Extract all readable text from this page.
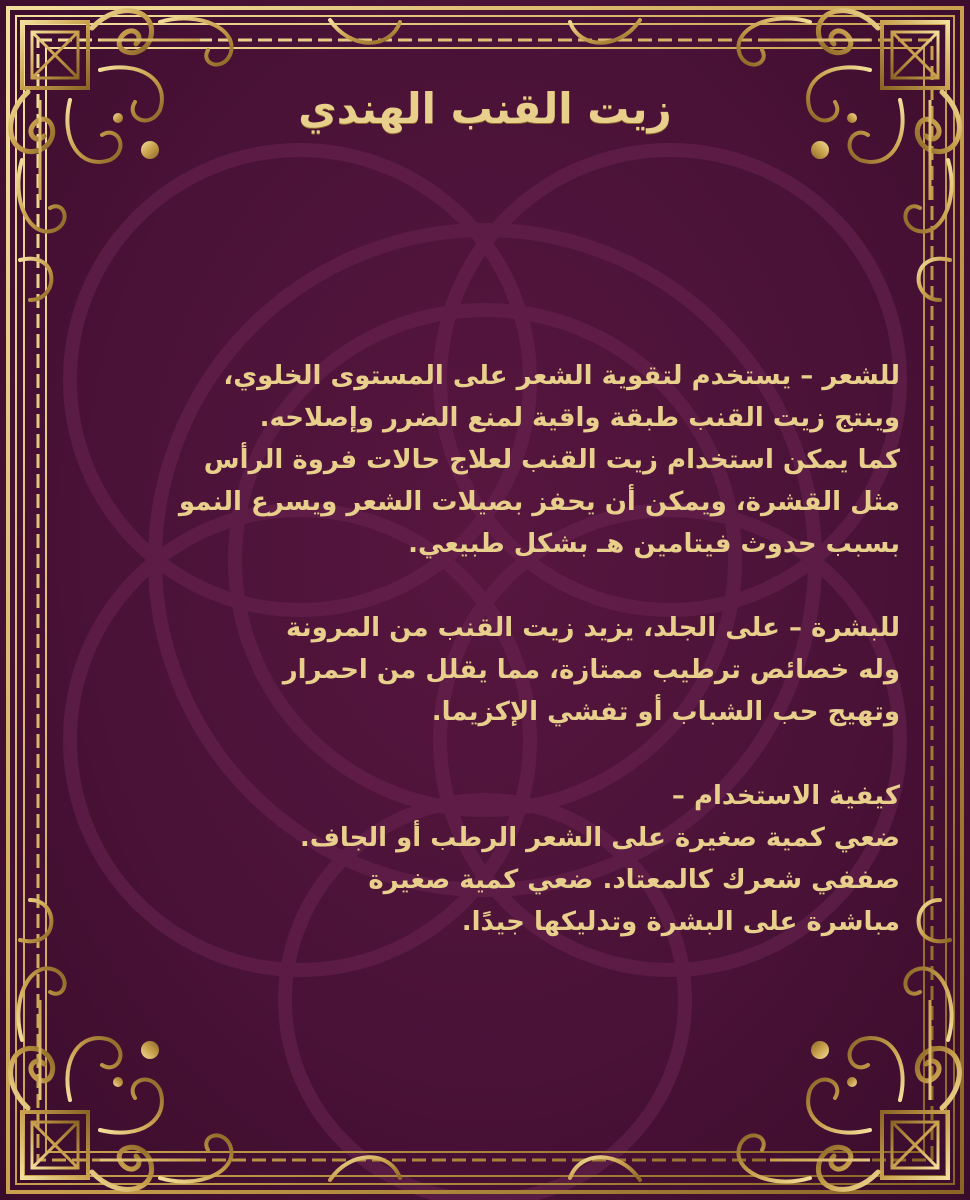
زيت القنب الهندي

للشعر – يستخدم لتقوية الشعر على المستوى الخلوي،
وينتج زيت القنب طبقة واقية لمنع الضرر وإصلاحه.
كما يمكن استخدام زيت القنب لعلاج حالات فروة الرأس
مثل القشرة، ويمكن أن يحفز بصيلات الشعر ويسرع النمو
بسبب حدوث فيتامين هـ بشكل طبيعي.

للبشرة – على الجلد، يزيد زيت القنب من المرونة
وله خصائص ترطيب ممتازة، مما يقلل من احمرار
وتهيج حب الشباب أو تفشي الإكزيما.

كيفية الاستخدام –
ضعي كمية صغيرة على الشعر الرطب أو الجاف.
صففي شعرك كالمعتاد. ضعي كمية صغيرة
مباشرة على البشرة وتدليكها جيدًا.
